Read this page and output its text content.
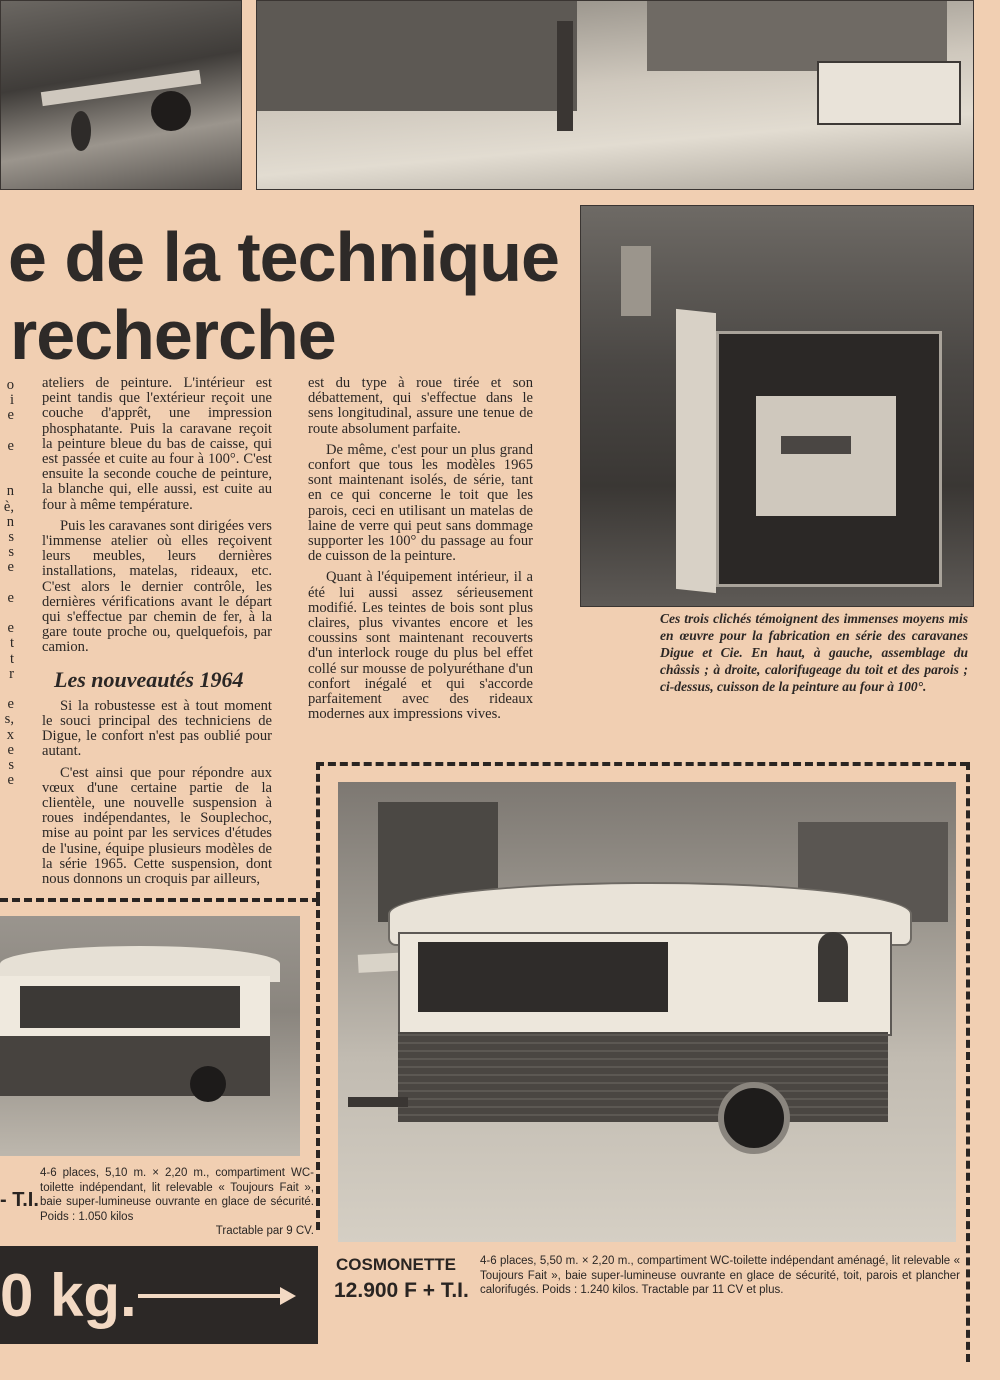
e de la technique
recherche
Ces trois clichés témoignent des immenses moyens mis en œuvre pour la fabrication en série des caravanes Digue et Cie. En haut, à gauche, assemblage du châssis ; à droite, calorifugeage du toit et des parois ; ci-dessus, cuisson de la peinture au four à 100°.
o
i
e

e

n
è,
n
s
s
e

e

e
t
t
r

e
s,
x
e
s
e

ateliers de peinture. L'intérieur est peint tandis que l'extérieur reçoit une couche d'apprêt, une impression phosphatante. Puis la caravane reçoit la peinture bleue du bas de caisse, qui est passée et cuite au four à 100°. C'est ensuite la seconde couche de peinture, la blanche qui, elle aussi, est cuite au four à même température.

Puis les caravanes sont dirigées vers l'immense atelier où elles reçoivent leurs meubles, leurs dernières installations, matelas, rideaux, etc. C'est alors le dernier contrôle, les dernières vérifications avant le départ qui s'effectue par chemin de fer, à la gare toute proche ou, quelquefois, par camion.

Les nouveautés 1964

Si la robustesse est à tout moment le souci principal des techniciens de Digue, le confort n'est pas oublié pour autant.

C'est ainsi que pour répondre aux vœux d'une certaine partie de la clientèle, une nouvelle suspension à roues indépendantes, le Souplechoc, mise au point par les services d'études de l'usine, équipe plusieurs modèles de la série 1965. Cette suspension, dont nous donnons un croquis par ailleurs,

est du type à roue tirée et son débattement, qui s'effectue dans le sens longitudinal, assure une tenue de route absolument parfaite.

De même, c'est pour un plus grand confort que tous les modèles 1965 sont maintenant isolés, de série, tant en ce qui concerne le toit que les parois, ceci en utilisant un matelas de laine de verre qui peut sans dommage supporter les 100° du passage au four de cuisson de la peinture.

Quant à l'équipement intérieur, il a été lui aussi assez sérieusement modifié. Les teintes de bois sont plus claires, plus vivantes encore et les coussins sont maintenant recouverts d'un interlock rouge du plus bel effet collé sur mousse de polyuréthane d'un confort inégalé et qui s'accorde parfaitement avec des rideaux modernes aux impressions vives.

4-6 places, 5,10 m. × 2,20 m., compartiment WC-toilette indépendant, lit relevable « Toujours Fait », baie super-lumineuse ouvrante en glace de sécurité. Poids : 1.050 kilos
Tractable par 9 CV.
- T.I.
0 kg.	COSMONETTE
12.900 F + T.I.
4-6 places, 5,50 m. × 2,20 m., compartiment WC-toilette indépendant aménagé, lit relevable « Toujours Fait », baie super-lumineuse ouvrante en glace de sécurité, toit, parois et plancher calorifugés. Poids : 1.240 kilos. Tractable par 11 CV et plus.
